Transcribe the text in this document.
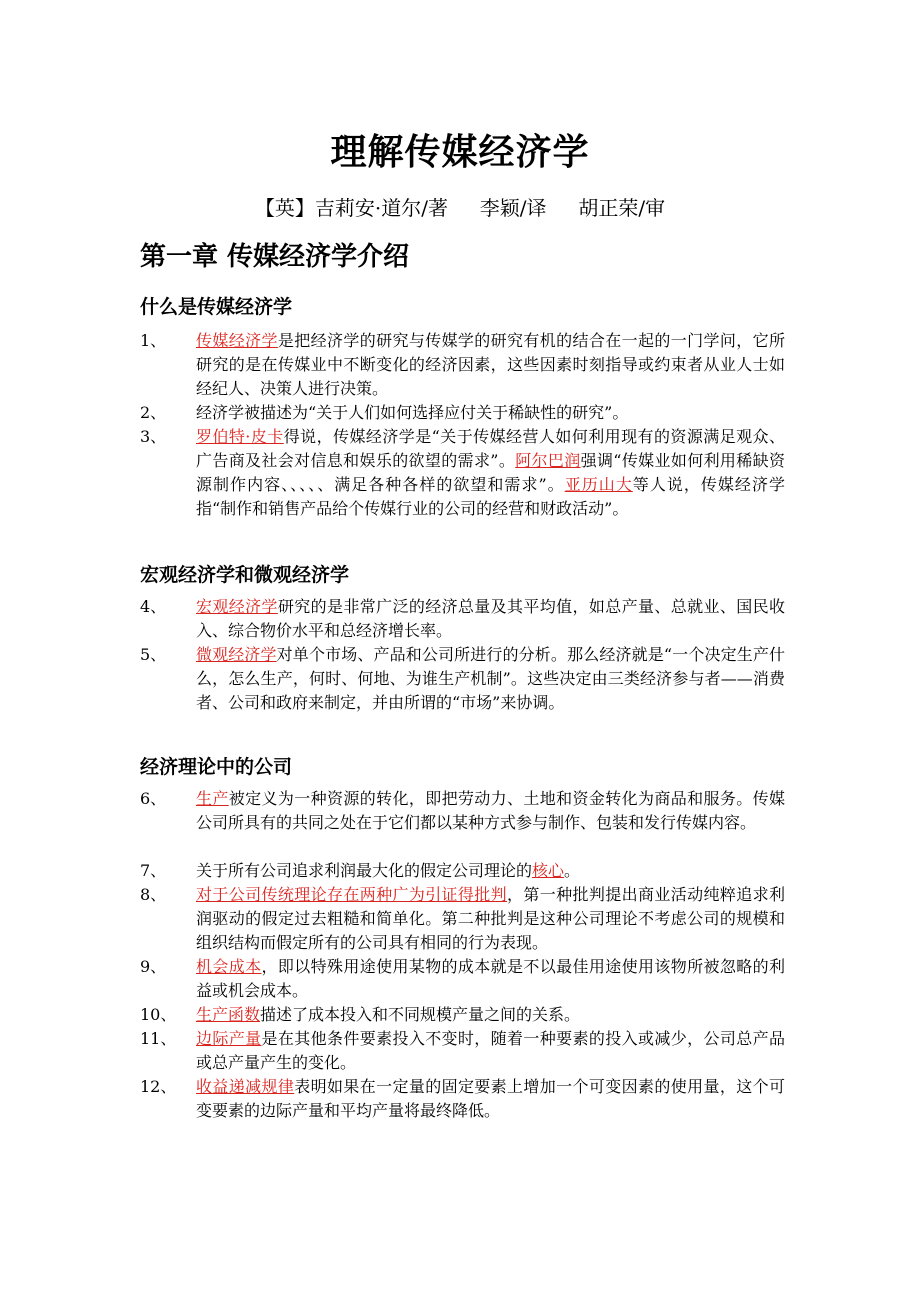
理解传媒经济学
【英】吉莉安·道尔/著     李颖/译     胡正荣/审
第一章 传媒经济学介绍
什么是传媒经济学
宏观经济学和微观经济学
经济理论中的公司
1、	传媒经济学是把经济学的研究与传媒学的研究有机的结合在一起的一门学问，它所研究的是在传媒业中不断变化的经济因素，这些因素时刻指导或约束者从业人士如经纪人、决策人进行决策。
2、	经济学被描述为“关于人们如何选择应付关于稀缺性的研究”。
3、	罗伯特·皮卡得说，传媒经济学是“关于传媒经营人如何利用现有的资源满足观众、广告商及社会对信息和娱乐的欲望的需求”。阿尔巴润强调“传媒业如何利用稀缺资源制作内容、、、、、满足各种各样的欲望和需求”。亚历山大等人说，传媒经济学指“制作和销售产品给个传媒行业的公司的经营和财政活动”。
4、	宏观经济学研究的是非常广泛的经济总量及其平均值，如总产量、总就业、国民收入、综合物价水平和总经济增长率。
5、	微观经济学对单个市场、产品和公司所进行的分析。那么经济就是“一个决定生产什么，怎么生产，何时、何地、为谁生产机制”。这些决定由三类经济参与者——消费者、公司和政府来制定，并由所谓的“市场”来协调。
6、	生产被定义为一种资源的转化，即把劳动力、土地和资金转化为商品和服务。传媒公司所具有的共同之处在于它们都以某种方式参与制作、包装和发行传媒内容。
7、	关于所有公司追求利润最大化的假定公司理论的核心。
8、	对于公司传统理论存在两种广为引证得批判，第一种批判提出商业活动纯粹追求利润驱动的假定过去粗糙和简单化。第二种批判是这种公司理论不考虑公司的规模和组织结构而假定所有的公司具有相同的行为表现。
9、	机会成本，即以特殊用途使用某物的成本就是不以最佳用途使用该物所被忽略的利益或机会成本。
10、	生产函数描述了成本投入和不同规模产量之间的关系。
11、	边际产量是在其他条件要素投入不变时，随着一种要素的投入或减少，公司总产品或总产量产生的变化。
12、	收益递减规律表明如果在一定量的固定要素上增加一个可变因素的使用量，这个可变要素的边际产量和平均产量将最终降低。
